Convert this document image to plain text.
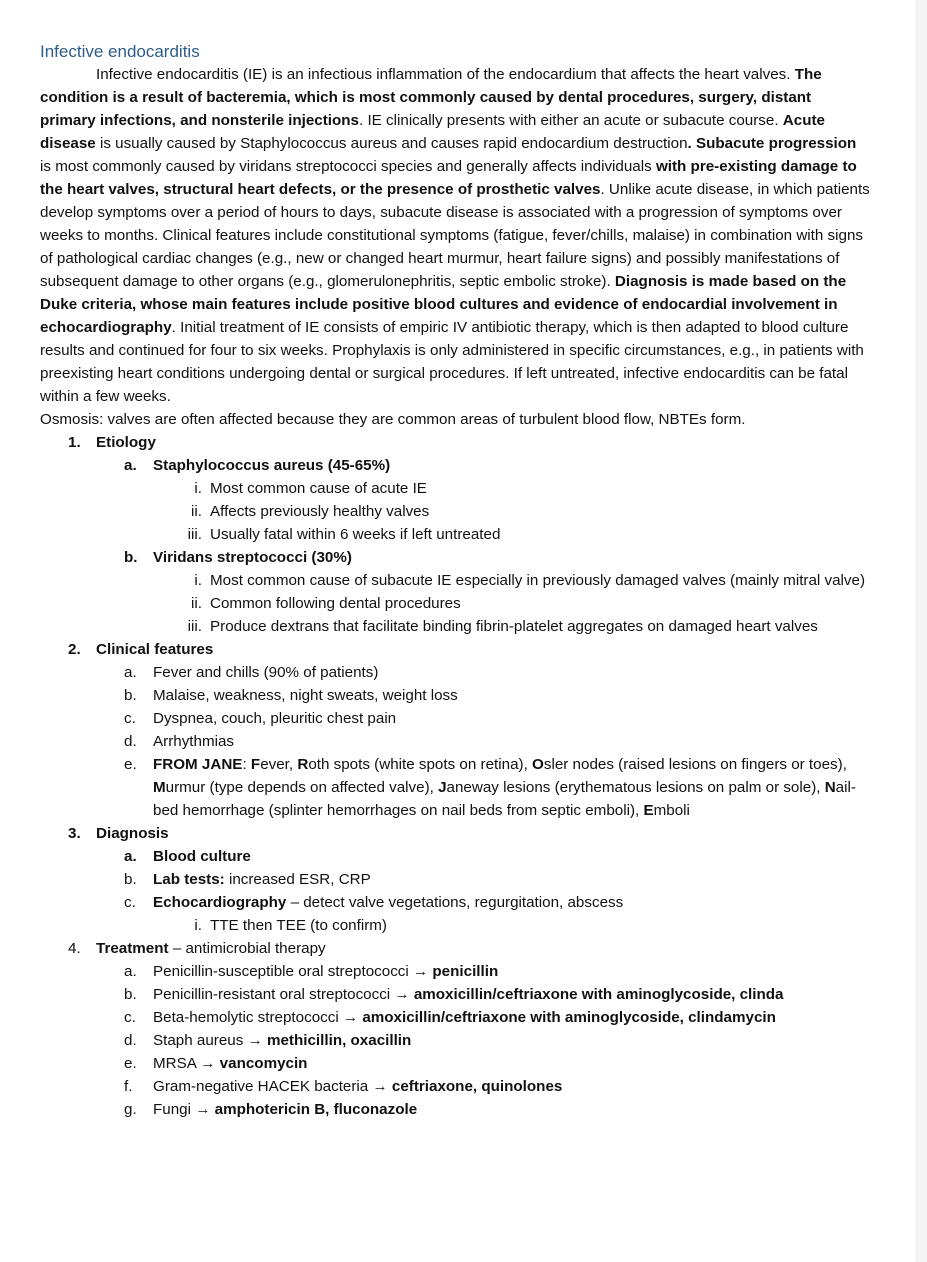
Infective endocarditis

Infective endocarditis (IE) is an infectious inflammation of the endocardium that affects the heart valves. The condition is a result of bacteremia, which is most commonly caused by dental procedures, surgery, distant primary infections, and nonsterile injections. IE clinically presents with either an acute or subacute course. Acute disease is usually caused by Staphylococcus aureus and causes rapid endocardium destruction. Subacute progression is most commonly caused by viridans streptococci species and generally affects individuals with pre-existing damage to the heart valves, structural heart defects, or the presence of prosthetic valves. Unlike acute disease, in which patients develop symptoms over a period of hours to days, subacute disease is associated with a progression of symptoms over weeks to months. Clinical features include constitutional symptoms (fatigue, fever/chills, malaise) in combination with signs of pathological cardiac changes (e.g., new or changed heart murmur, heart failure signs) and possibly manifestations of subsequent damage to other organs (e.g., glomerulonephritis, septic embolic stroke). Diagnosis is made based on the Duke criteria, whose main features include positive blood cultures and evidence of endocardial involvement in echocardiography. Initial treatment of IE consists of empiric IV antibiotic therapy, which is then adapted to blood culture results and continued for four to six weeks. Prophylaxis is only administered in specific circumstances, e.g., in patients with preexisting heart conditions undergoing dental or surgical procedures. If left untreated, infective endocarditis can be fatal within a few weeks.

Osmosis: valves are often affected because they are common areas of turbulent blood flow, NBTEs form.

1.	Etiology
a.	Staphylococcus aureus (45-65%)
i. Most common cause of acute IE
ii. Affects previously healthy valves
iii. Usually fatal within 6 weeks if left untreated
b.	Viridans streptococci (30%)
i. Most common cause of subacute IE especially in previously damaged valves (mainly mitral valve)
ii. Common following dental procedures
iii. Produce dextrans that facilitate binding fibrin-platelet aggregates on damaged heart valves
2.	Clinical features
a.	Fever and chills (90% of patients)
b.	Malaise, weakness, night sweats, weight loss
c.	Dyspnea, couch, pleuritic chest pain
d.	Arrhythmias
e.	FROM JANE: Fever, Roth spots (white spots on retina), Osler nodes (raised lesions on fingers or toes), Murmur (type depends on affected valve), Janeway lesions (erythematous lesions on palm or sole), Nail-bed hemorrhage (splinter hemorrhages on nail beds from septic emboli), Emboli
3.	Diagnosis
a.	Blood culture
b.	Lab tests: increased ESR, CRP
c.	Echocardiography – detect valve vegetations, regurgitation, abscess
i. TTE then TEE (to confirm)
4.	Treatment – antimicrobial therapy
a.	Penicillin-susceptible oral streptococci → penicillin
b.	Penicillin-resistant oral streptococci → amoxicillin/ceftriaxone with aminoglycoside, clinda
c.	Beta-hemolytic streptococci → amoxicillin/ceftriaxone with aminoglycoside, clindamycin
d.	Staph aureus → methicillin, oxacillin
e.	MRSA → vancomycin
f.	Gram-negative HACEK bacteria → ceftriaxone, quinolones
g.	Fungi → amphotericin B, fluconazole
